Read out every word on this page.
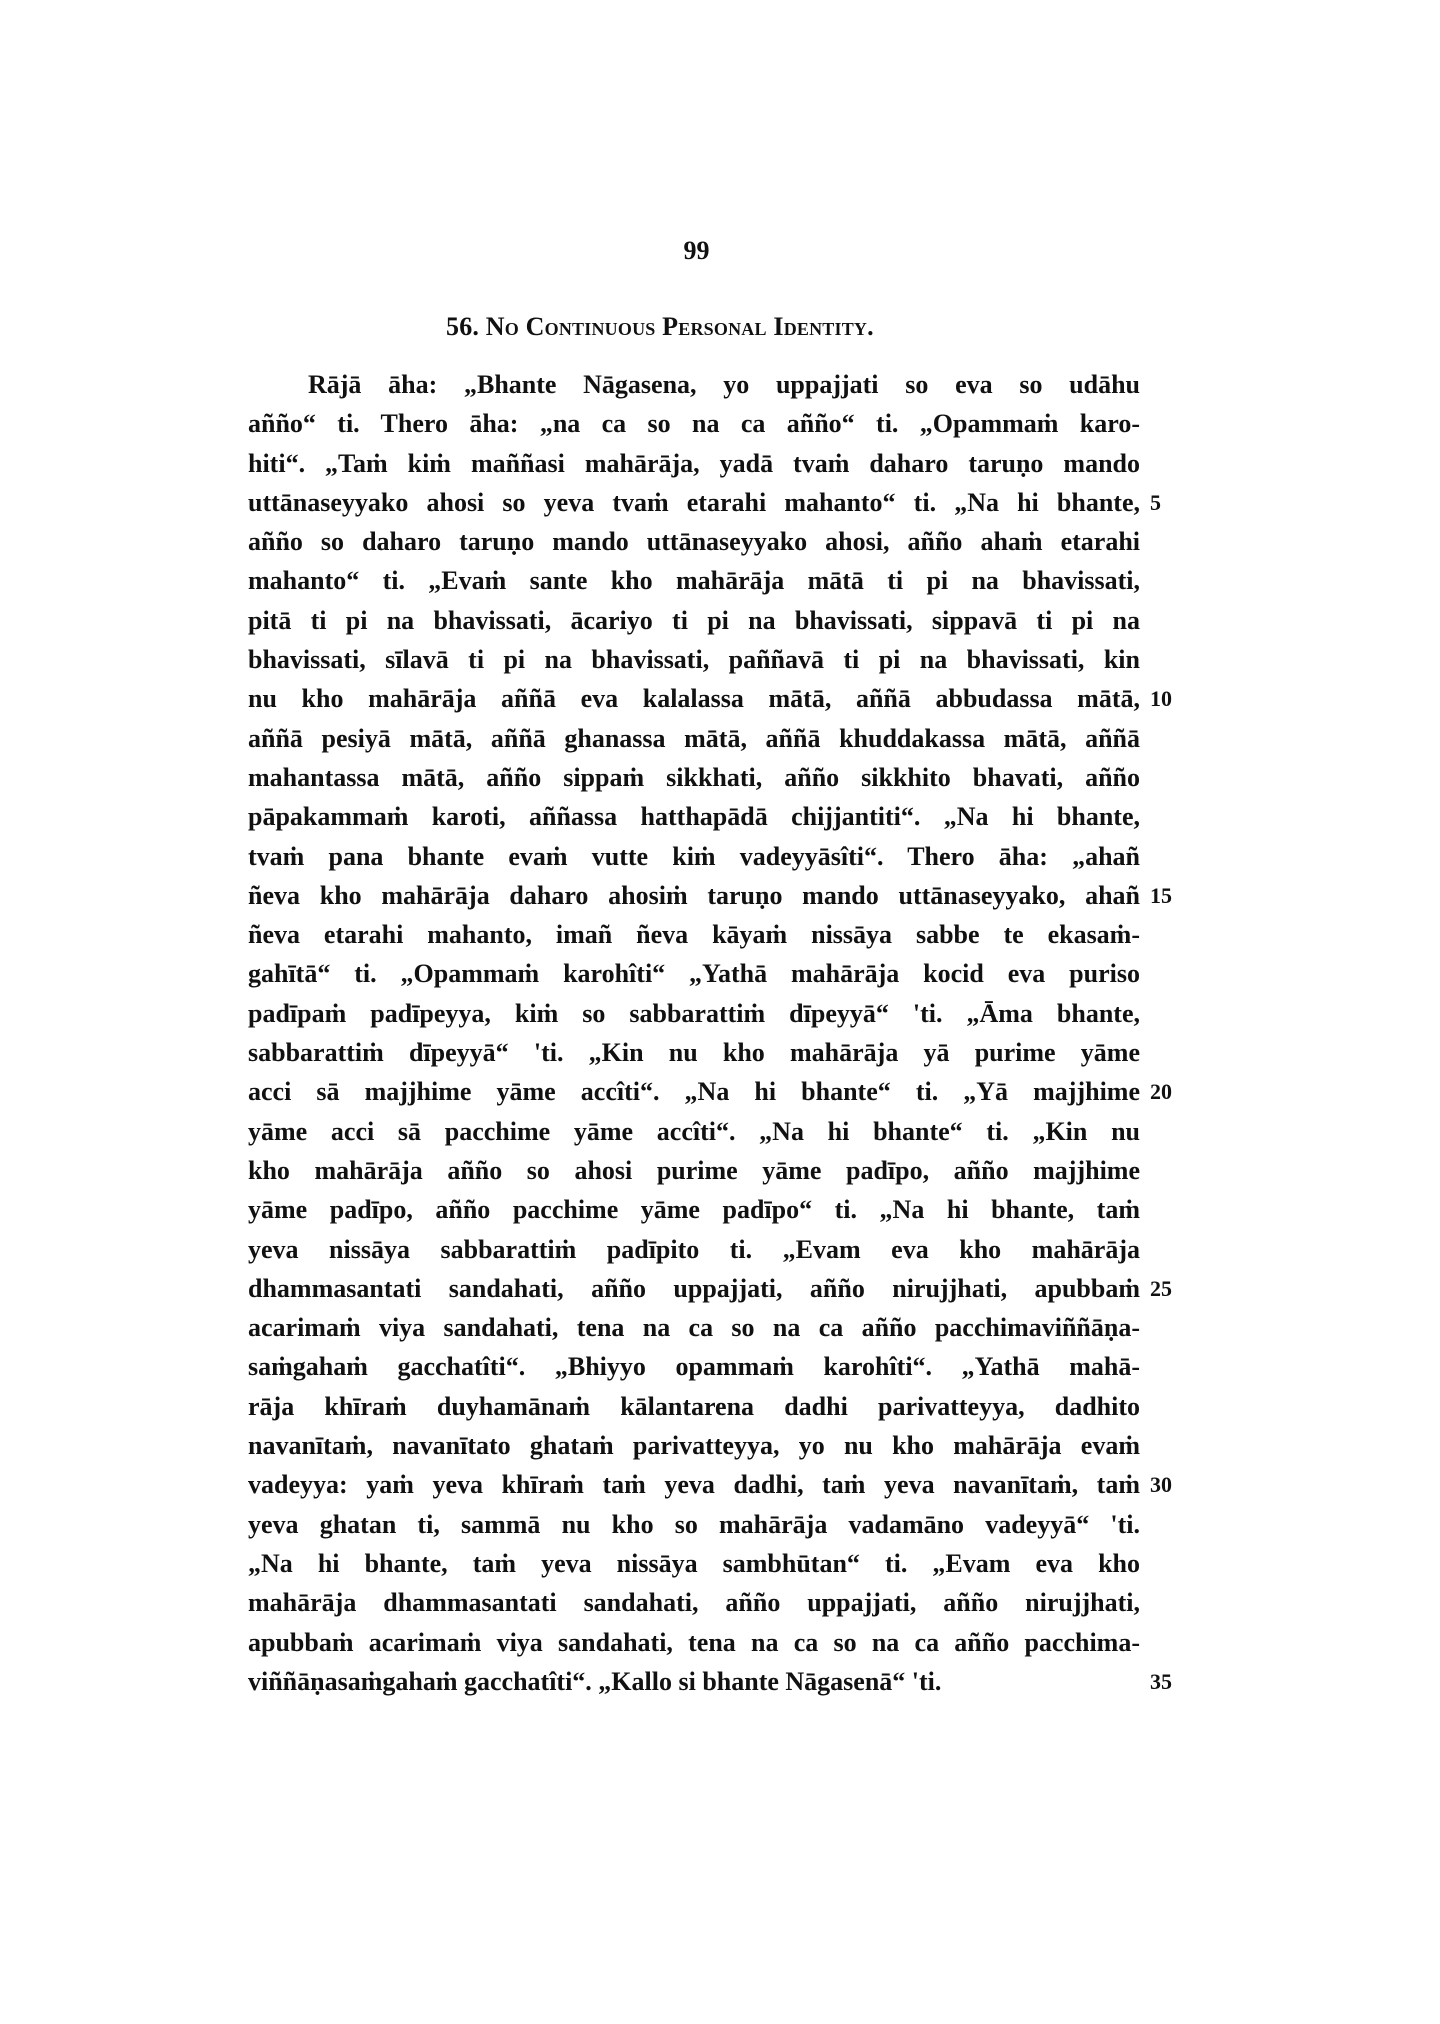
99
56. No Continuous Personal Identity.
Rājā āha: „Bhante Nāgasena, yo uppajjati so eva so udāhu
añño“ ti. Thero āha: „na ca so na ca añño“ ti. „Opammaṁ karo-
hiti“. „Taṁ kiṁ maññasi mahārāja, yadā tvaṁ daharo taruṇo mando
uttānaseyyako ahosi so yeva tvaṁ etarahi mahanto“ ti. „Na hi bhante, 5
añño so daharo taruṇo mando uttānaseyyako ahosi, añño ahaṁ etarahi
mahanto“ ti. „Evaṁ sante kho mahārāja mātā ti pi na bhavissati,
pitā ti pi na bhavissati, ācariyo ti pi na bhavissati, sippavā ti pi na
bhavissati, sīlavā ti pi na bhavissati, paññavā ti pi na bhavissati, kin
nu kho mahārāja aññā eva kalalassa mātā, aññā abbudassa mātā, 10
aññā pesiyā mātā, aññā ghanassa mātā, aññā khuddakassa mātā, aññā
mahantassa mātā, añño sippaṁ sikkhati, añño sikkhito bhavati, añño
pāpakammaṁ karoti, aññassa hatthapādā chijjantiti“. „Na hi bhante,
tvaṁ pana bhante evaṁ vutte kiṁ vadeyyāsîti“. Thero āha: „ahañ
ñeva kho mahārāja daharo ahosiṁ taruṇo mando uttānaseyyako, ahañ 15
ñeva etarahi mahanto, imañ ñeva kāyaṁ nissāya sabbe te ekasaṁ-
gahītā“ ti. „Opammaṁ karohîti“ „Yathā mahārāja kocid eva puriso
padīpaṁ padīpeyya, kiṁ so sabbarattiṁ dīpeyyā“ 'ti. „Āma bhante,
sabbarattiṁ dīpeyyā“ 'ti. „Kin nu kho mahārāja yā purime yāme
acci sā majjhime yāme accîti“. „Na hi bhante“ ti. „Yā majjhime 20
yāme acci sā pacchime yāme accîti“. „Na hi bhante“ ti. „Kin nu
kho mahārāja añño so ahosi purime yāme padīpo, añño majjhime
yāme padīpo, añño pacchime yāme padīpo“ ti. „Na hi bhante, taṁ
yeva nissāya sabbarattiṁ padīpito ti. „Evam eva kho mahārāja
dhammasantati sandahati, añño uppajjati, añño nirujjhati, apubbaṁ 25
acarimaṁ viya sandahati, tena na ca so na ca añño pacchimaviññāṇa-
saṁgahaṁ gacchatîti“. „Bhiyyo opammaṁ karohîti“. „Yathā mahā-
rāja khīraṁ duyhamānaṁ kālantarena dadhi parivatteyya, dadhito
navanītaṁ, navanītato ghataṁ parivatteyya, yo nu kho mahārāja evaṁ
vadeyya: yaṁ yeva khīraṁ taṁ yeva dadhi, taṁ yeva navanītaṁ, taṁ 30
yeva ghatan ti, sammā nu kho so mahārāja vadamāno vadeyyā“ 'ti.
„Na hi bhante, taṁ yeva nissāya sambhūtan“ ti. „Evam eva kho
mahārāja dhammasantati sandahati, añño uppajjati, añño nirujjhati,
apubbaṁ acarimaṁ viya sandahati, tena na ca so na ca añño pacchima-
viññāṇasaṁgahaṁ gacchatîti“. „Kallo si bhante Nāgasenā“ 'ti.	35
